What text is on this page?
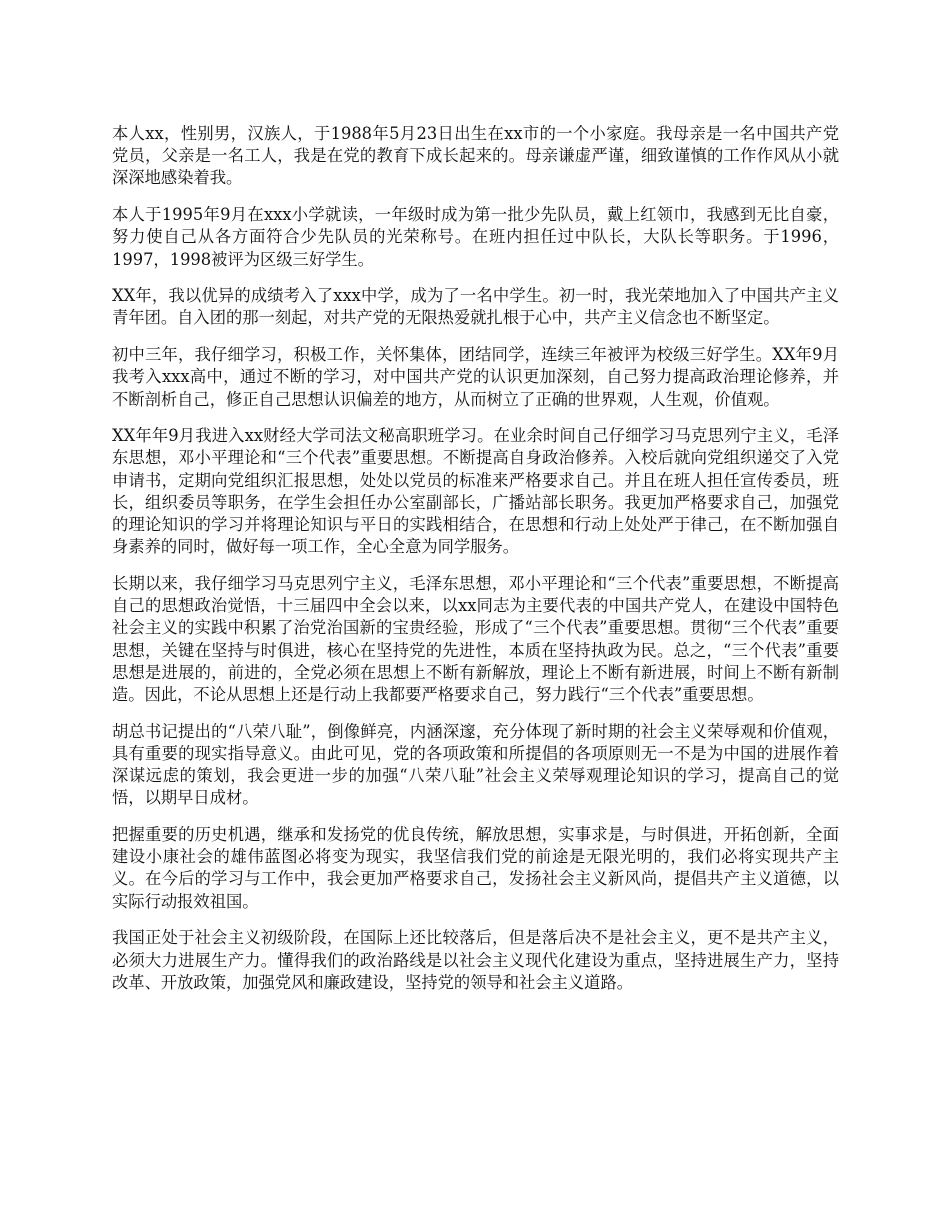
本人xx，性别男，汉族人，于1988年5月23日出生在xx市的一个小家庭。我母亲是一名中国共产党党员，父亲是一名工人，我是在党的教育下成长起来的。母亲谦虚严谨，细致谨慎的工作作风从小就深深地感染着我。

本人于1995年9月在xxx小学就读，一年级时成为第一批少先队员，戴上红领巾，我感到无比自豪，努力使自己从各方面符合少先队员的光荣称号。在班内担任过中队长，大队长等职务。于1996，1997，1998被评为区级三好学生。

XX年，我以优异的成绩考入了xxx中学，成为了一名中学生。初一时，我光荣地加入了中国共产主义青年团。自入团的那一刻起，对共产党的无限热爱就扎根于心中，共产主义信念也不断坚定。

初中三年，我仔细学习，积极工作，关怀集体，团结同学，连续三年被评为校级三好学生。XX年9月我考入xxx高中，通过不断的学习，对中国共产党的认识更加深刻，自己努力提高政治理论修养，并不断剖析自己，修正自己思想认识偏差的地方，从而树立了正确的世界观，人生观，价值观。

XX年年9月我进入xx财经大学司法文秘高职班学习。在业余时间自己仔细学习马克思列宁主义，毛泽东思想，邓小平理论和“三个代表”重要思想。不断提高自身政治修养。入校后就向党组织递交了入党申请书，定期向党组织汇报思想，处处以党员的标准来严格要求自己。并且在班人担任宣传委员，班长，组织委员等职务，在学生会担任办公室副部长，广播站部长职务。我更加严格要求自己，加强党的理论知识的学习并将理论知识与平日的实践相结合，在思想和行动上处处严于律己，在不断加强自身素养的同时，做好每一项工作，全心全意为同学服务。

长期以来，我仔细学习马克思列宁主义，毛泽东思想，邓小平理论和“三个代表”重要思想，不断提高自己的思想政治觉悟，十三届四中全会以来，以xx同志为主要代表的中国共产党人，在建设中国特色社会主义的实践中积累了治党治国新的宝贵经验，形成了“三个代表”重要思想。贯彻“三个代表”重要思想，关键在坚持与时俱进，核心在坚持党的先进性，本质在坚持执政为民。总之，“三个代表”重要思想是进展的，前进的，全党必须在思想上不断有新解放，理论上不断有新进展，时间上不断有新制造。因此，不论从思想上还是行动上我都要严格要求自己，努力践行“三个代表”重要思想。

胡总书记提出的“八荣八耻”，倒像鲜亮，内涵深邃，充分体现了新时期的社会主义荣辱观和价值观，具有重要的现实指导意义。由此可见，党的各项政策和所提倡的各项原则无一不是为中国的进展作着深谋远虑的策划，我会更进一步的加强“八荣八耻”社会主义荣辱观理论知识的学习，提高自己的觉悟，以期早日成材。

把握重要的历史机遇，继承和发扬党的优良传统，解放思想，实事求是，与时俱进，开拓创新，全面建设小康社会的雄伟蓝图必将变为现实，我坚信我们党的前途是无限光明的，我们必将实现共产主义。在今后的学习与工作中，我会更加严格要求自己，发扬社会主义新风尚，提倡共产主义道德，以实际行动报效祖国。

我国正处于社会主义初级阶段，在国际上还比较落后，但是落后决不是社会主义，更不是共产主义，必须大力进展生产力。懂得我们的政治路线是以社会主义现代化建设为重点，坚持进展生产力，坚持改革、开放政策，加强党风和廉政建设，坚持党的领导和社会主义道路。
